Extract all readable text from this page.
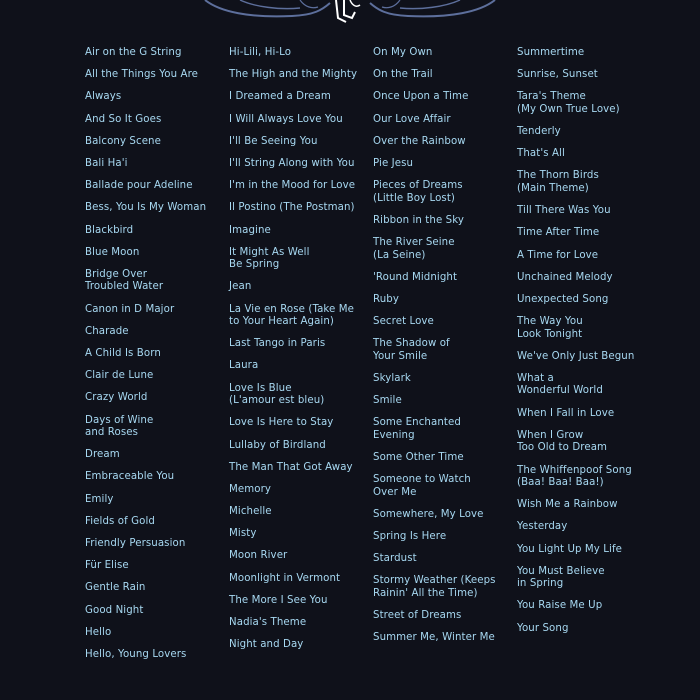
Air on the G String
All the Things You Are
Always
And So It Goes
Balcony Scene
Bali Ha'i
Ballade pour Adeline
Bess, You Is My Woman
Blackbird
Blue Moon
Bridge Over
Troubled Water
Canon in D Major
Charade
A Child Is Born
Clair de Lune
Crazy World
Days of Wine
and Roses
Dream
Embraceable You
Emily
Fields of Gold
Friendly Persuasion
Für Elise
Gentle Rain
Good Night
Hello
Hello, Young Lovers
Hi-Lili, Hi-Lo
The High and the Mighty
I Dreamed a Dream
I Will Always Love You
I'll Be Seeing You
I'll String Along with You
I'm in the Mood for Love
Il Postino (The Postman)
Imagine
It Might As Well
Be Spring
Jean
La Vie en Rose (Take Me
to Your Heart Again)
Last Tango in Paris
Laura
Love Is Blue
(L'amour est bleu)
Love Is Here to Stay
Lullaby of Birdland
The Man That Got Away
Memory
Michelle
Misty
Moon River
Moonlight in Vermont
The More I See You
Nadia's Theme
Night and Day
On My Own
On the Trail
Once Upon a Time
Our Love Affair
Over the Rainbow
Pie Jesu
Pieces of Dreams
(Little Boy Lost)
Ribbon in the Sky
The River Seine
(La Seine)
'Round Midnight
Ruby
Secret Love
The Shadow of
Your Smile
Skylark
Smile
Some Enchanted
Evening
Some Other Time
Someone to Watch
Over Me
Somewhere, My Love
Spring Is Here
Stardust
Stormy Weather (Keeps
Rainin' All the Time)
Street of Dreams
Summer Me, Winter Me
Summertime
Sunrise, Sunset
Tara's Theme
(My Own True Love)
Tenderly
That's All
The Thorn Birds
(Main Theme)
Till There Was You
Time After Time
A Time for Love
Unchained Melody
Unexpected Song
The Way You
Look Tonight
We've Only Just Begun
What a
Wonderful World
When I Fall in Love
When I Grow
Too Old to Dream
The Whiffenpoof Song
(Baa! Baa! Baa!)
Wish Me a Rainbow
Yesterday
You Light Up My Life
You Must Believe
in Spring
You Raise Me Up
Your Song
